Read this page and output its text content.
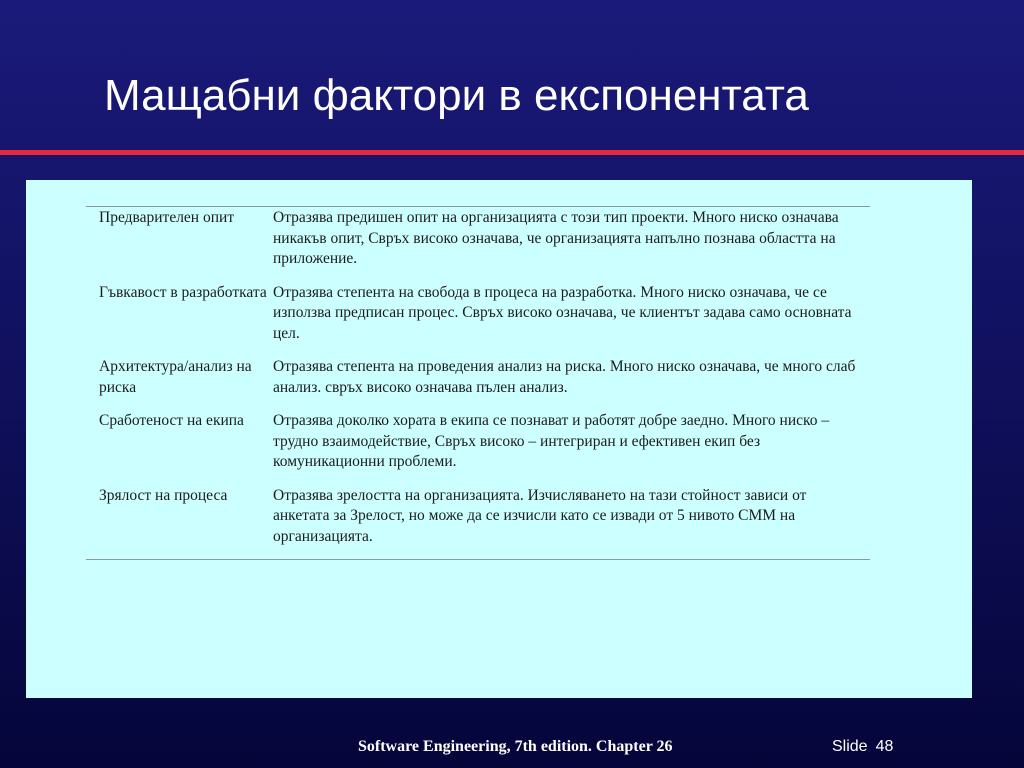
Мащабни фактори в експонентата
Предварителен опит	Отразява предишен опит на организацията с този тип проекти. Много ниско означава никакъв опит, Свръх високо означава, че организацията напълно познава областта на приложение.
Гъвкавост в разработката	Отразява степента на свобода в процеса на разработка. Много ниско означава, че се използва предписан процес. Свръх високо означава, че клиентът задава само основната цел.
Архитектура/анализ на риска	Отразява степента на проведения анализ на риска. Много ниско означава, че много слаб анализ. свръх високо означава пълен анализ.
Сработеност на екипа	Отразява доколко хората в екипа се познават и работят добре заедно. Много ниско – трудно взаимодействие, Свръх високо – интегриран и ефективен екип без комуникационни проблеми.
Зрялост на процеса	Отразява зрелостта на организацията. Изчисляването на тази стойност зависи от анкетата за Зрелост, но може да се изчисли като се извади от 5 нивото CMM на организацията.
Software Engineering, 7th edition. Chapter 26	Slide 48
